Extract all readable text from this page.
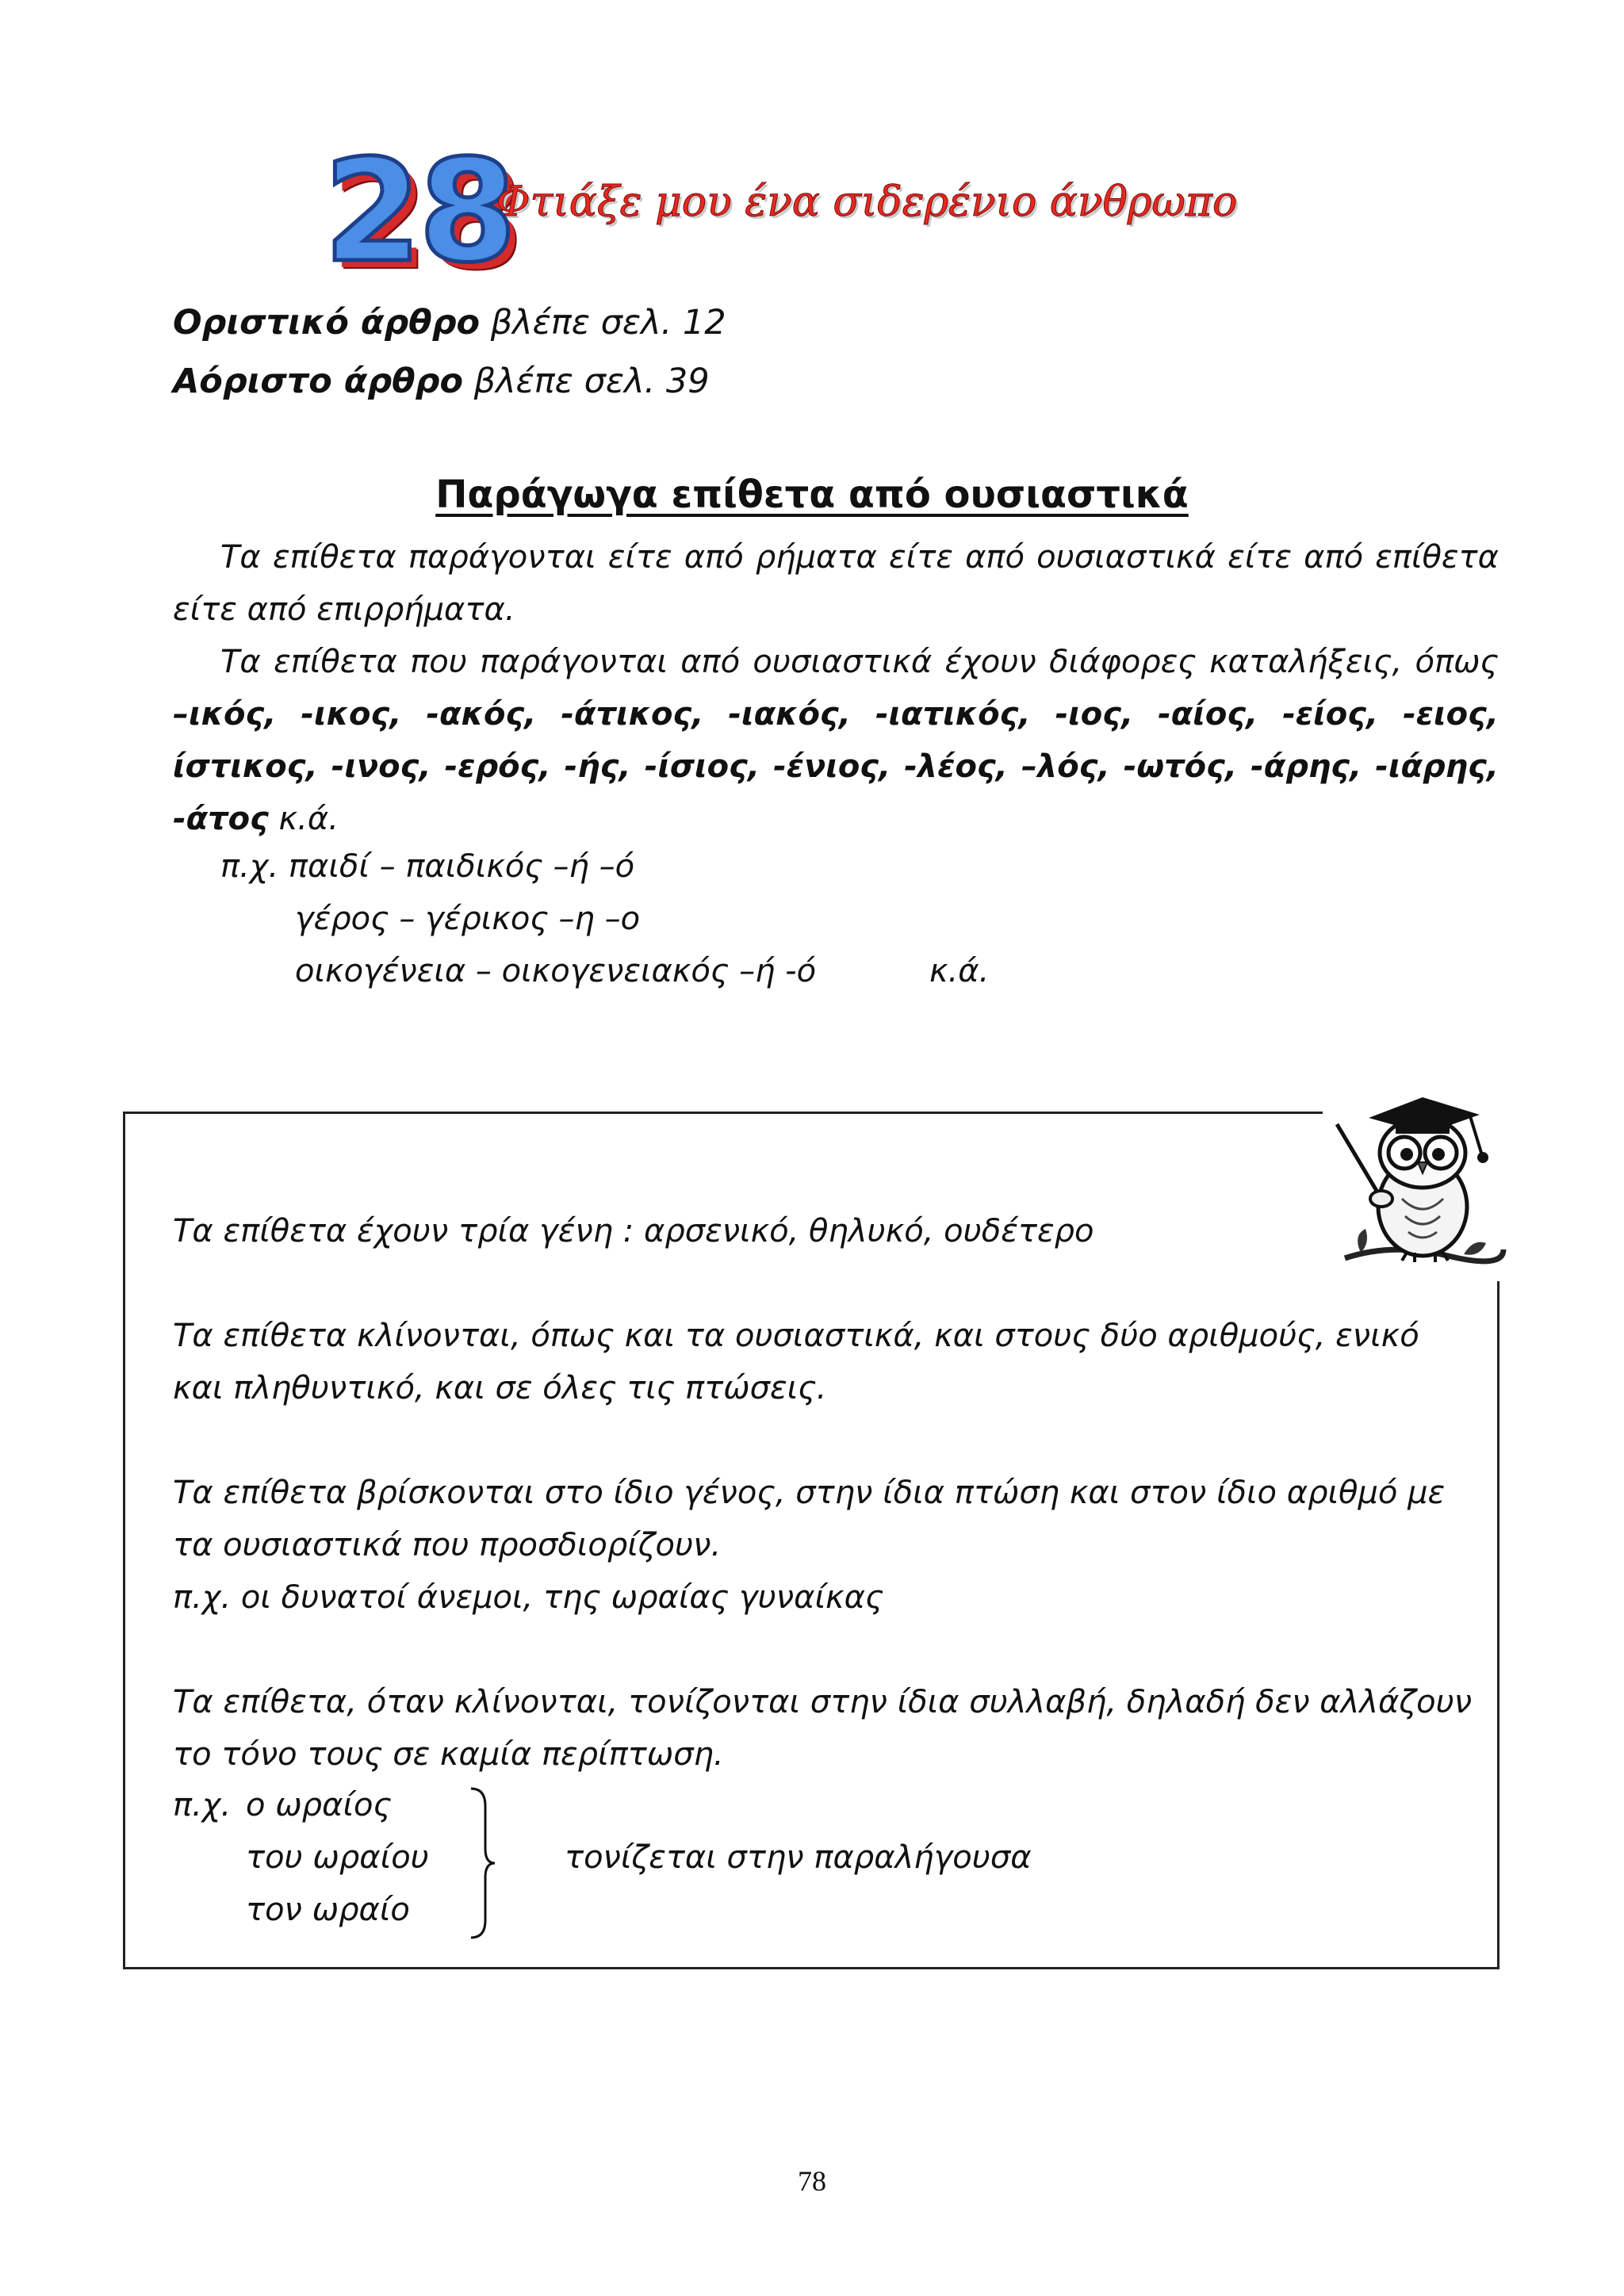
28
Φτιάξε μου ένα σιδερένιο άνθρωπο
Οριστικό άρθρο βλέπε σελ. 12
Αόριστο άρθρο βλέπε σελ. 39
Παράγωγα επίθετα από ουσιαστικά
Τα επίθετα παράγονται είτε από ρήματα είτε από ουσιαστικά είτε από επίθετα είτε από επιρρήματα.
Τα επίθετα που παράγονται από ουσιαστικά έχουν διάφορες καταλήξεις, όπως –ικός, -ικος, -ακός, -άτικος, -ιακός, -ιατικός, -ιος, -αίος, -είος, -ειος, ίστικος, -ινος, -ερός, -ής, -ίσιος, -ένιος, -λέος, –λός, -ωτός, -άρης, -ιάρης, -άτος κ.ά.
π.χ. παιδί – παιδικός –ή –ό
γέρος – γέρικος –η –ο
οικογένεια – οικογενειακός –ή -ό	κ.ά.
Τα επίθετα έχουν τρία γένη : αρσενικό, θηλυκό, ουδέτερο
Τα επίθετα κλίνονται, όπως και τα ουσιαστικά, και στους δύο αριθμούς, ενικό
και πληθυντικό, και σε όλες τις πτώσεις.
Τα επίθετα βρίσκονται στο ίδιο γένος, στην ίδια πτώση και στον ίδιο αριθμό με
τα ουσιαστικά που προσδιορίζουν.
π.χ. οι δυνατοί άνεμοι, της ωραίας γυναίκας
Τα επίθετα, όταν κλίνονται, τονίζονται στην ίδια συλλαβή, δηλαδή δεν αλλάζουν
το τόνο τους σε καμία περίπτωση.
π.χ. ο ωραίος
του ωραίου
τον ωραίο
τονίζεται στην παραλήγουσα
78
